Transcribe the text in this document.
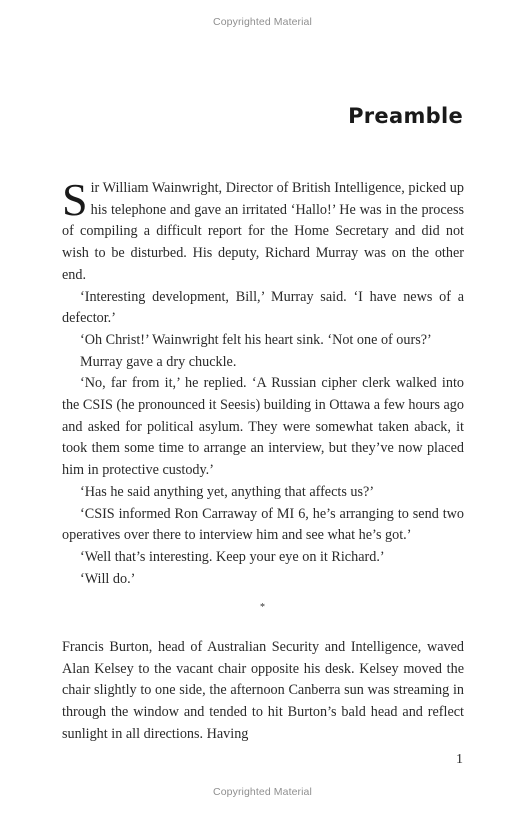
Copyrighted Material
Preamble

Sir William Wainwright, Director of British Intelligence, picked up his telephone and gave an irritated ‘Hallo!’ He was in the process of compiling a difficult report for the Home Secretary and did not wish to be disturbed. His deputy, Richard Murray was on the other end.

‘Interesting development, Bill,’ Murray said. ‘I have news of a defector.’

‘Oh Christ!’ Wainwright felt his heart sink. ‘Not one of ours?’

Murray gave a dry chuckle.

‘No, far from it,’ he replied. ‘A Russian cipher clerk walked into the CSIS (he pronounced it Seesis) building in Ottawa a few hours ago and asked for political asylum. They were somewhat taken aback, it took them some time to arrange an interview, but they’ve now placed him in protective custody.’

‘Has he said anything yet, anything that affects us?’

‘CSIS informed Ron Carraway of MI 6, he’s arranging to send two operatives over there to interview him and see what he’s got.’

‘Well that’s interesting. Keep your eye on it Richard.’

‘Will do.’

*

Francis Burton, head of Australian Security and Intelligence, waved Alan Kelsey to the vacant chair opposite his desk. Kelsey moved the chair slightly to one side, the afternoon Canberra sun was streaming in through the window and tended to hit Burton’s bald head and reflect sunlight in all directions. Having

1
Copyrighted Material
